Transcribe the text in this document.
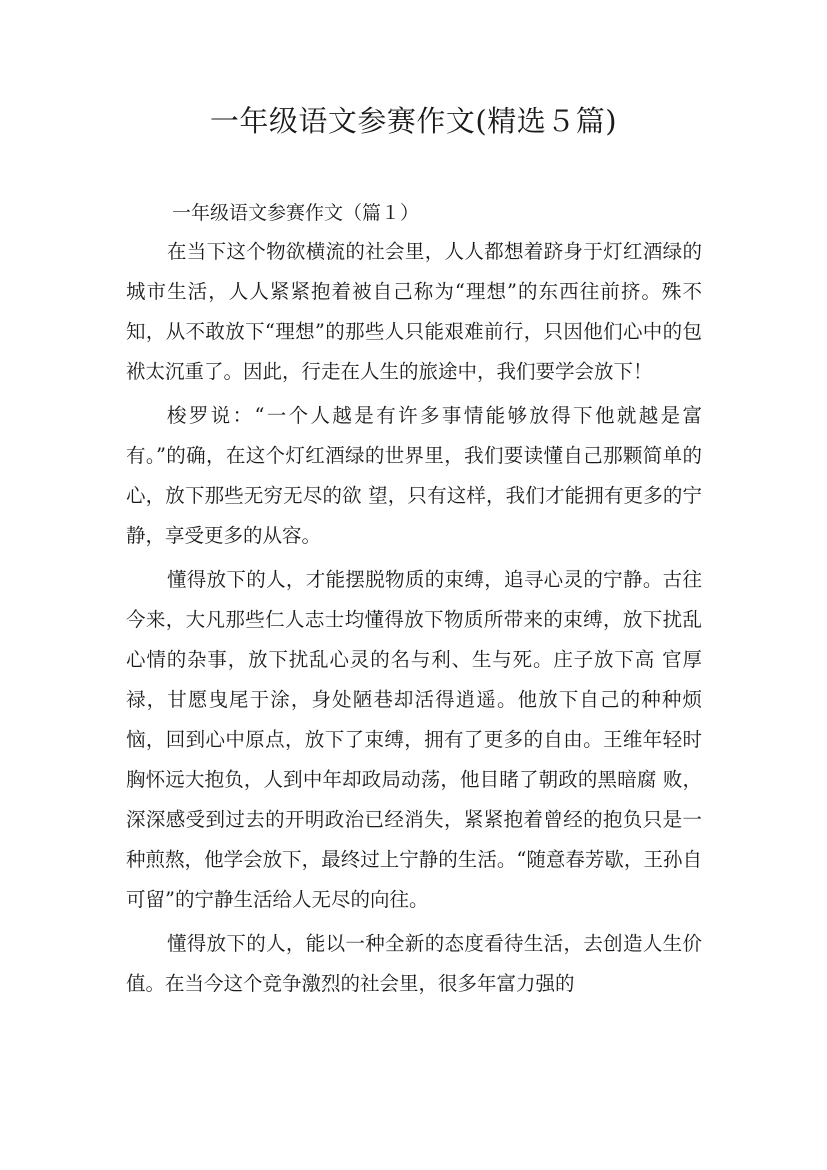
一年级语文参赛作文(精选５篇)
一年级语文参赛作文（篇１）

在当下这个物欲横流的社会里，人人都想着跻身于灯红酒绿的城市生活，人人紧紧抱着被自己称为“理想”的东西往前挤。殊不知，从不敢放下“理想”的那些人只能艰难前行，只因他们心中的包袱太沉重了。因此，行走在人生的旅途中，我们要学会放下！

梭罗说：“一个人越是有许多事情能够放得下他就越是富有。”的确，在这个灯红酒绿的世界里，我们要读懂自己那颗简单的心，放下那些无穷无尽的欲 望，只有这样，我们才能拥有更多的宁静，享受更多的从容。

懂得放下的人，才能摆脱物质的束缚，追寻心灵的宁静。古往今来，大凡那些仁人志士均懂得放下物质所带来的束缚，放下扰乱心情的杂事，放下扰乱心灵的名与利、生与死。庄子放下高 官厚禄，甘愿曳尾于涂，身处陋巷却活得逍遥。他放下自己的种种烦恼，回到心中原点，放下了束缚，拥有了更多的自由。王维年轻时胸怀远大抱负，人到中年却政局动荡，他目睹了朝政的黑暗腐 败，深深感受到过去的开明政治已经消失，紧紧抱着曾经的抱负只是一种煎熬，他学会放下，最终过上宁静的生活。“随意春芳歇，王孙自可留”的宁静生活给人无尽的向往。

懂得放下的人，能以一种全新的态度看待生活，去创造人生价值。在当今这个竞争激烈的社会里，很多年富力强的
